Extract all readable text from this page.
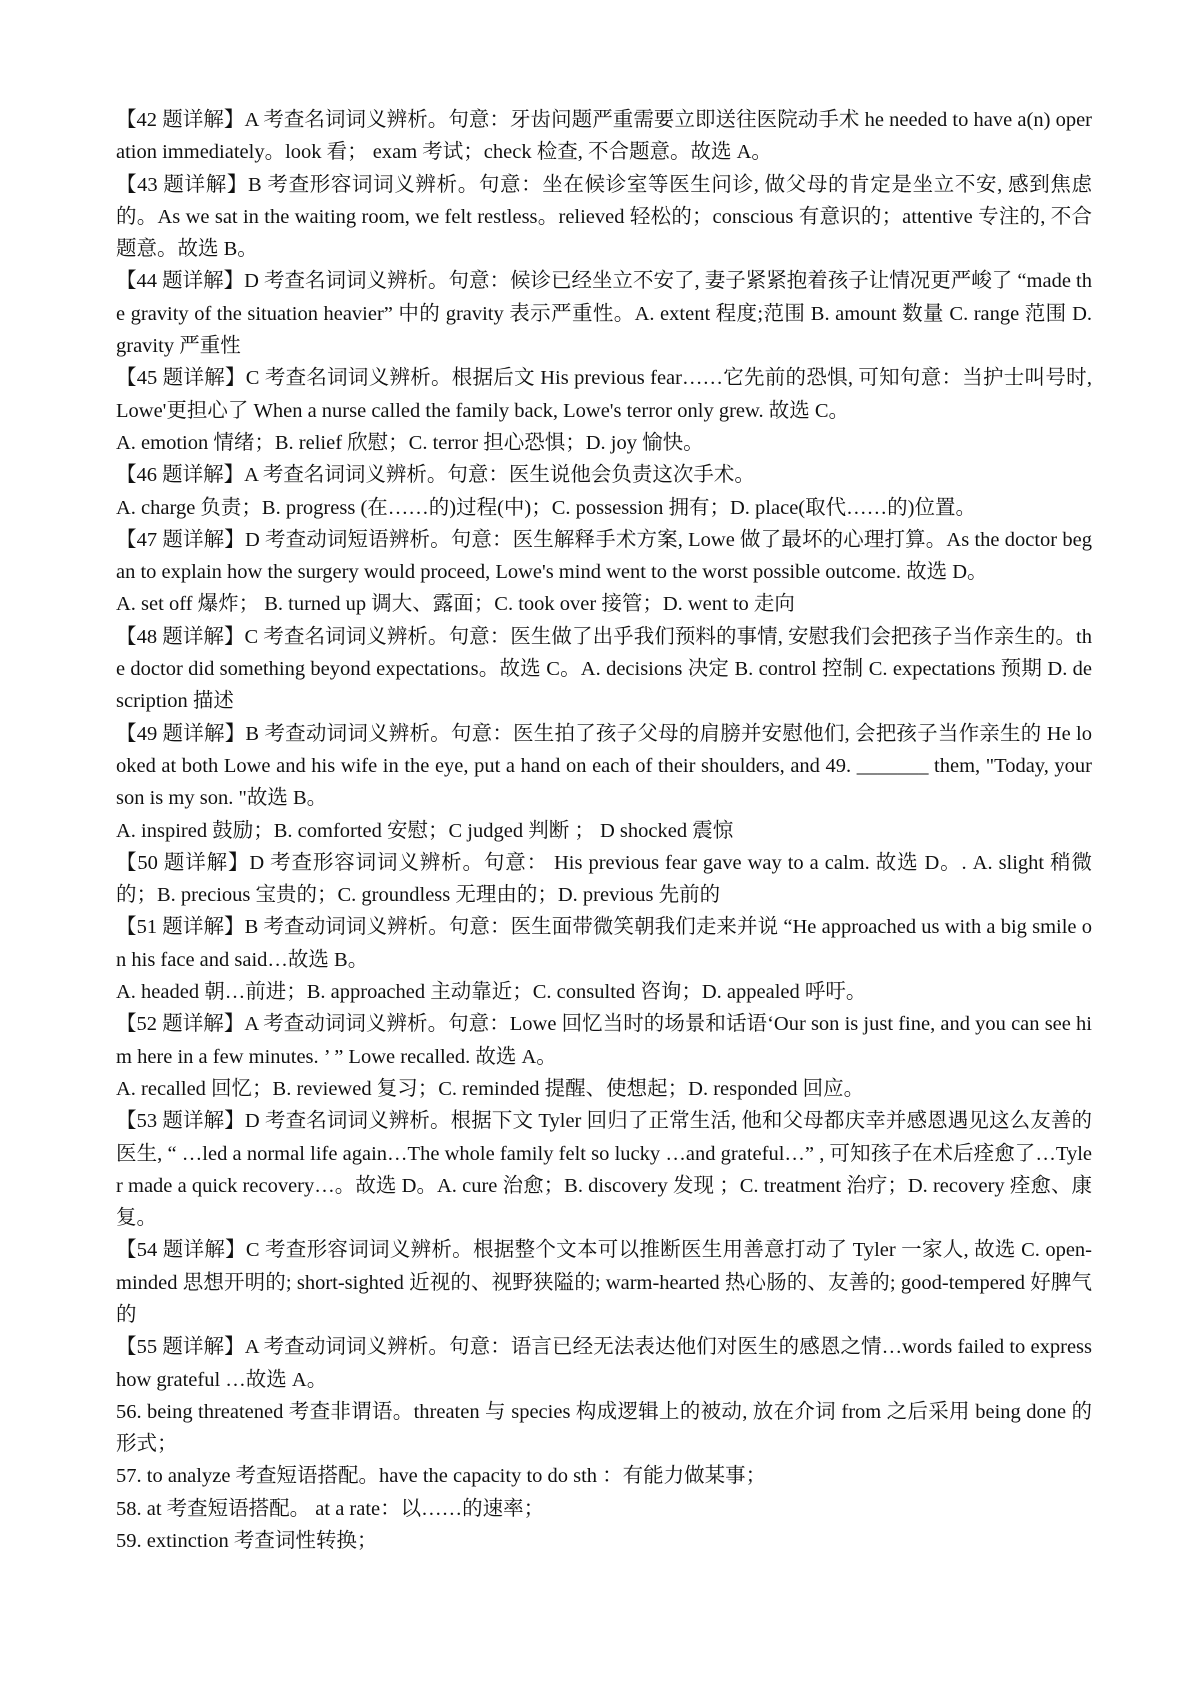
【42 题详解】A 考查名词词义辨析。句意：牙齿问题严重需要立即送往医院动手术 he needed to have a(n) operation immediately。look 看； exam 考试；check 检查, 不合题意。故选 A。

【43 题详解】B 考查形容词词义辨析。句意：坐在候诊室等医生问诊, 做父母的肯定是坐立不安, 感到焦虑的。As we sat in the waiting room, we felt restless。relieved 轻松的；conscious 有意识的；attentive 专注的, 不合题意。故选 B。

【44 题详解】D 考查名词词义辨析。句意：候诊已经坐立不安了, 妻子紧紧抱着孩子让情况更严峻了 “made the gravity of the situation heavier” 中的 gravity 表示严重性。A. extent 程度;范围 B. amount 数量 C. range 范围 D. gravity 严重性

【45 题详解】C 考查名词词义辨析。根据后文 His previous fear……它先前的恐惧, 可知句意：当护士叫号时, Lowe'更担心了 When a nurse called the family back, Lowe's terror only grew. 故选 C。

A. emotion 情绪；B. relief 欣慰；C. terror 担心恐惧；D. joy 愉快。

【46 题详解】A 考查名词词义辨析。句意：医生说他会负责这次手术。

A. charge 负责；B. progress (在……的)过程(中)；C. possession 拥有；D. place(取代……的)位置。

【47 题详解】D 考查动词短语辨析。句意：医生解释手术方案, Lowe 做了最坏的心理打算。As the doctor began to explain how the surgery would proceed, Lowe's mind went to the worst possible outcome. 故选 D。

A. set off 爆炸； B. turned up 调大、露面；C. took over 接管；D. went to 走向

【48 题详解】C 考查名词词义辨析。句意：医生做了出乎我们预料的事情, 安慰我们会把孩子当作亲生的。the doctor did something beyond expectations。故选 C。A. decisions 决定 B. control 控制 C. expectations 预期 D. description 描述

【49 题详解】B 考查动词词义辨析。句意：医生拍了孩子父母的肩膀并安慰他们, 会把孩子当作亲生的 He looked at both Lowe and his wife in the eye, put a hand on each of their shoulders, and 49. _______ them, "Today, your son is my son. "故选 B。

A. inspired 鼓励；B. comforted 安慰；C judged 判断 ； D shocked 震惊

【50 题详解】D 考查形容词词义辨析。句意： His previous fear gave way to a calm. 故选 D。. A. slight 稍微的；B. precious 宝贵的；C. groundless 无理由的；D. previous 先前的

【51 题详解】B 考查动词词义辨析。句意：医生面带微笑朝我们走来并说 “He approached us with a big smile on his face and said…故选 B。

A. headed 朝…前进；B. approached 主动靠近；C. consulted 咨询；D. appealed 呼吁。

【52 题详解】A 考查动词词义辨析。句意：Lowe 回忆当时的场景和话语‘Our son is just fine, and you can see him here in a few minutes. ’ ” Lowe recalled. 故选 A。

A. recalled 回忆；B. reviewed 复习；C. reminded 提醒、使想起；D. responded 回应。

【53 题详解】D 考查名词词义辨析。根据下文 Tyler 回归了正常生活, 他和父母都庆幸并感恩遇见这么友善的医生, “ …led a normal life again…The whole family felt so lucky …and grateful…” , 可知孩子在术后痊愈了…Tyler made a quick recovery…。故选 D。A. cure 治愈；B. discovery 发现 ；C. treatment 治疗；D. recovery 痊愈、康复。

【54 题详解】C 考查形容词词义辨析。根据整个文本可以推断医生用善意打动了 Tyler 一家人, 故选 C. open-minded 思想开明的; short-sighted 近视的、视野狭隘的; warm-hearted 热心肠的、友善的; good-tempered 好脾气的

【55 题详解】A 考查动词词义辨析。句意：语言已经无法表达他们对医生的感恩之情…words failed to express how grateful …故选 A。

56. being threatened 考查非谓语。threaten 与 species 构成逻辑上的被动, 放在介词 from 之后采用 being done 的形式；

57. to analyze 考查短语搭配。have the capacity to do sth ：有能力做某事；

58. at 考查短语搭配。 at a rate：以……的速率；

59. extinction 考查词性转换；
